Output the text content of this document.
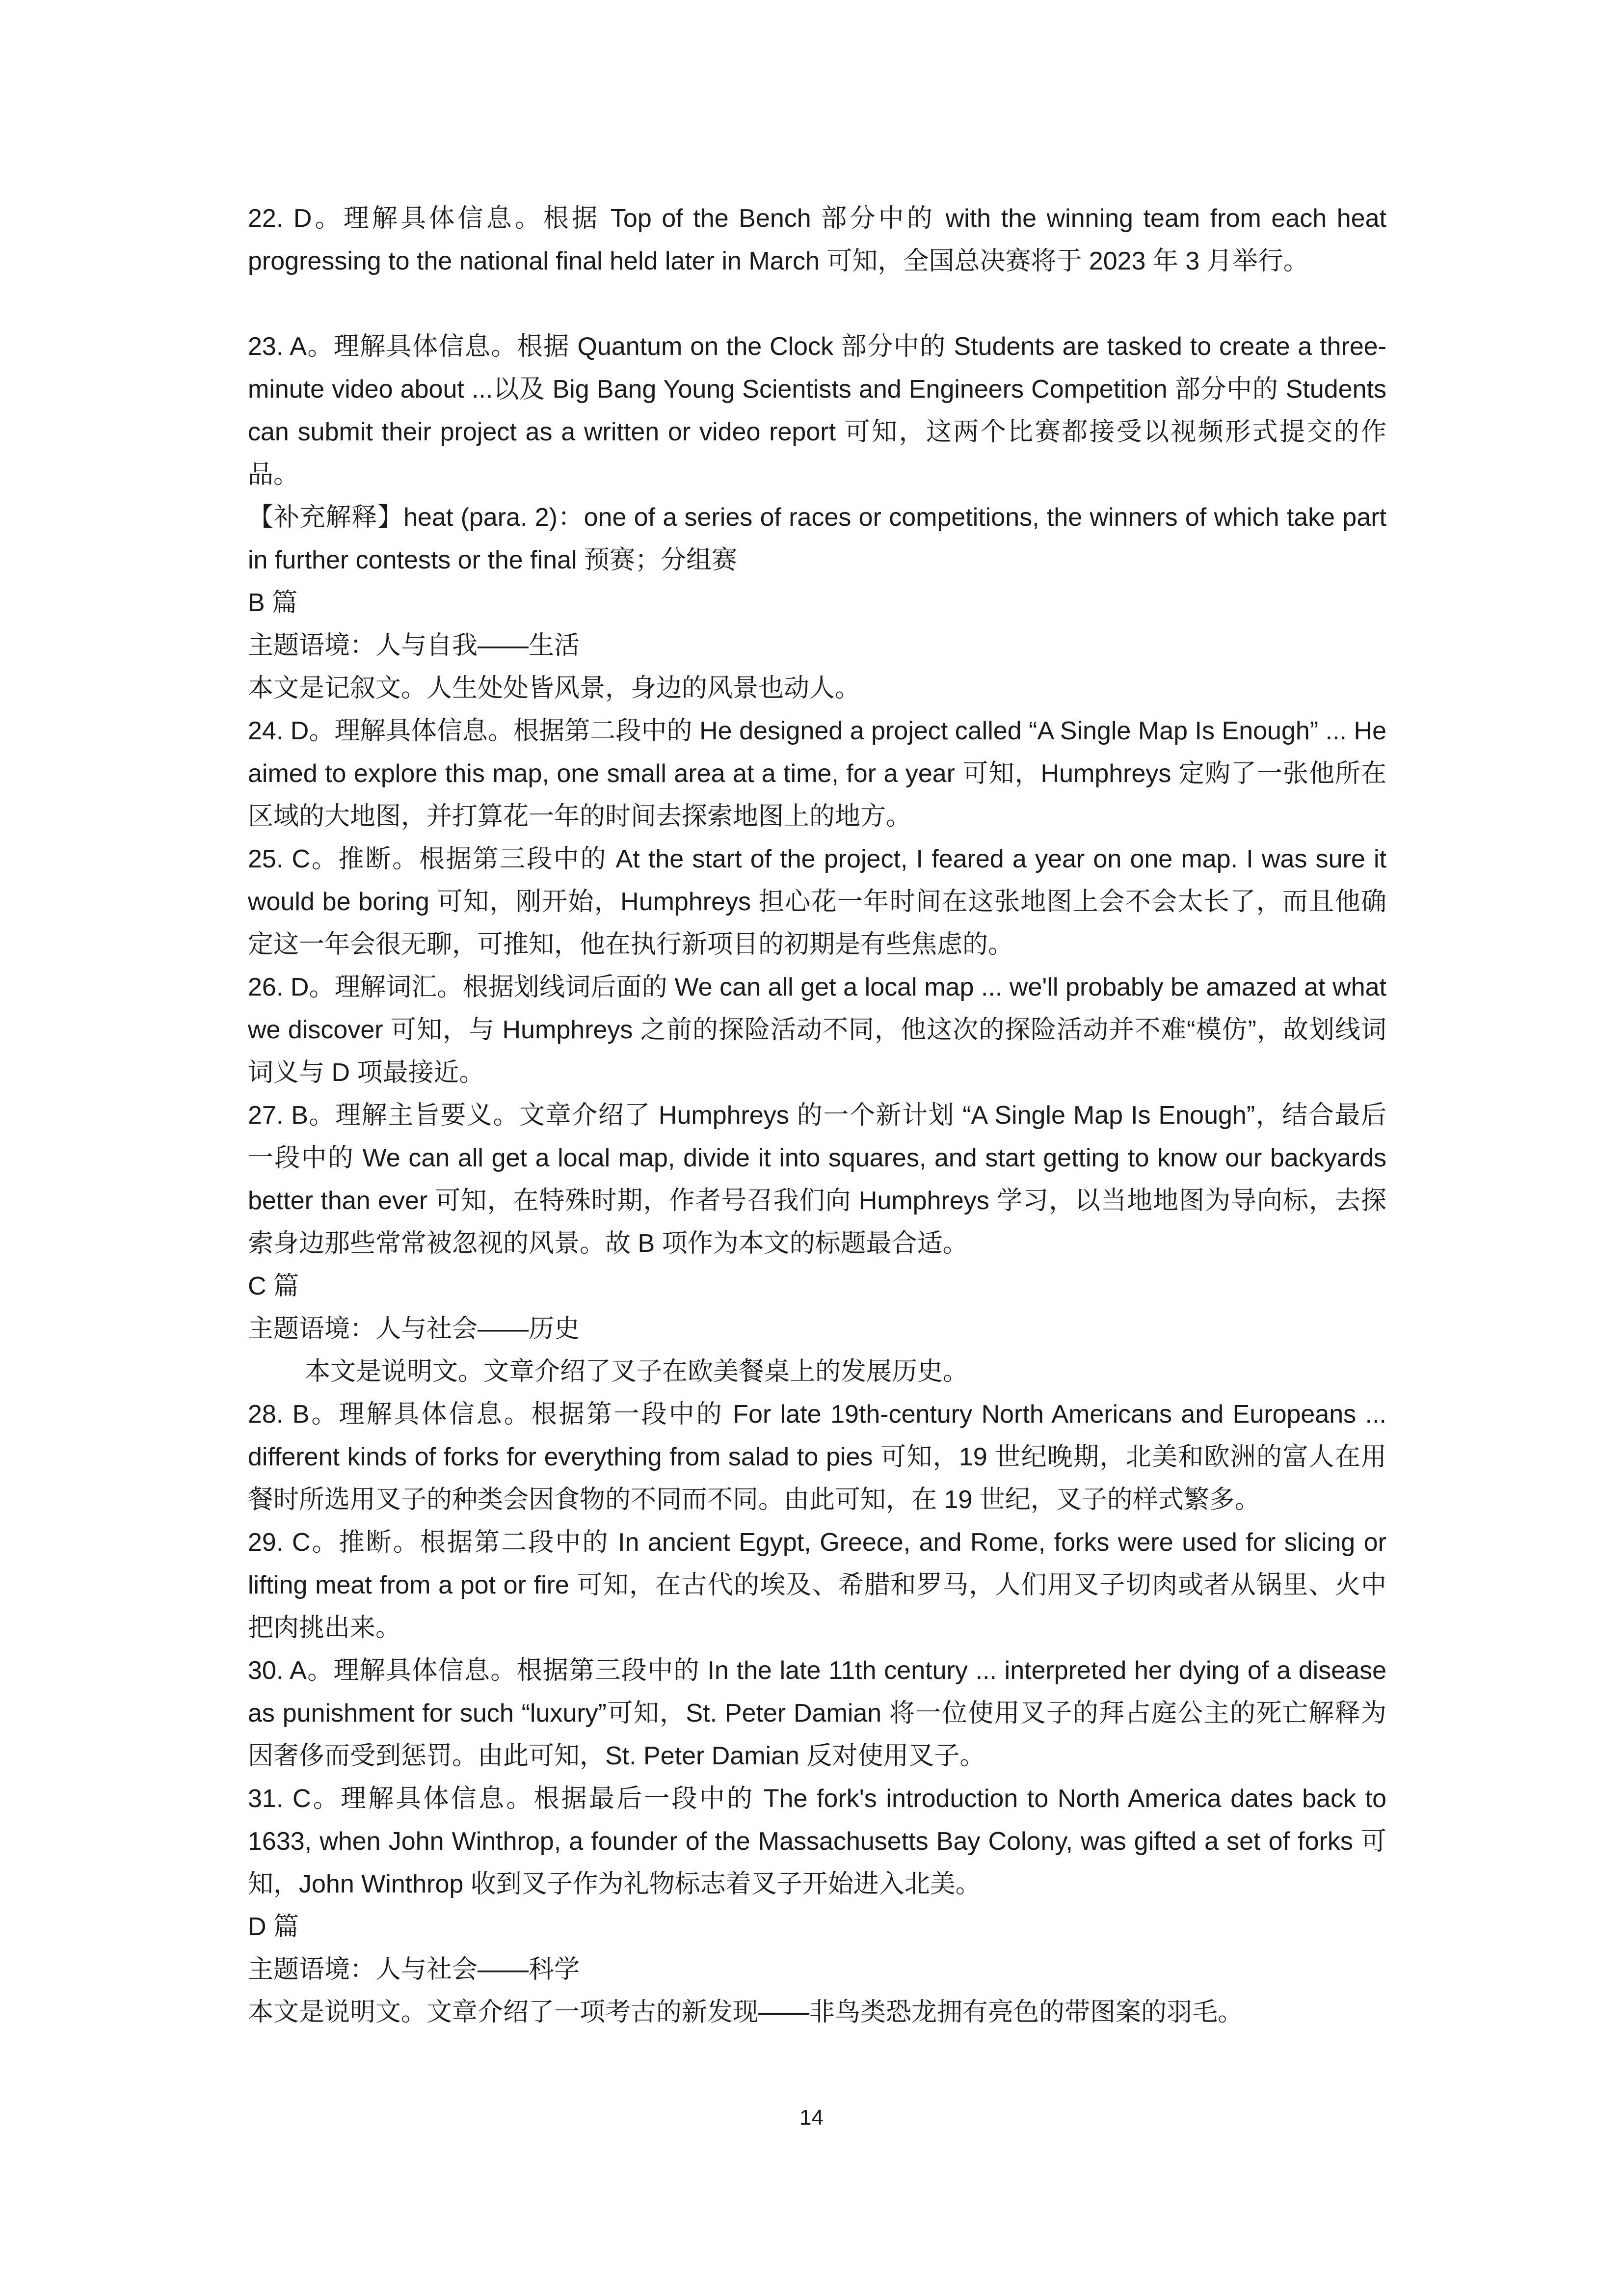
22. D。理解具体信息。根据 Top of the Bench 部分中的 with the winning team from each heat progressing to the national final held later in March 可知，全国总决赛将于 2023 年 3 月举行。

23. A。理解具体信息。根据 Quantum on the Clock 部分中的 Students are tasked to create a three-minute video about ...以及 Big Bang Young Scientists and Engineers Competition 部分中的 Students can submit their project as a written or video report 可知，这两个比赛都接受以视频形式提交的作品。

【补充解释】heat (para. 2)：one of a series of races or competitions, the winners of which take part in further contests or the final 预赛；分组赛

B 篇

主题语境：人与自我——生活

本文是记叙文。人生处处皆风景，身边的风景也动人。

24. D。理解具体信息。根据第二段中的 He designed a project called “A Single Map Is Enough” ... He aimed to explore this map, one small area at a time, for a year 可知，Humphreys 定购了一张他所在区域的大地图，并打算花一年的时间去探索地图上的地方。

25. C。推断。根据第三段中的 At the start of the project, I feared a year on one map. I was sure it would be boring 可知，刚开始，Humphreys 担心花一年时间在这张地图上会不会太长了，而且他确定这一年会很无聊，可推知，他在执行新项目的初期是有些焦虑的。

26. D。理解词汇。根据划线词后面的 We can all get a local map ... we'll probably be amazed at what we discover 可知，与 Humphreys 之前的探险活动不同，他这次的探险活动并不难“模仿”，故划线词词义与 D 项最接近。

27. B。理解主旨要义。文章介绍了 Humphreys 的一个新计划 “A Single Map Is Enough”，结合最后一段中的 We can all get a local map, divide it into squares, and start getting to know our backyards better than ever 可知，在特殊时期，作者号召我们向 Humphreys 学习，以当地地图为导向标，去探索身边那些常常被忽视的风景。故 B 项作为本文的标题最合适。

C 篇

主题语境：人与社会——历史

本文是说明文。文章介绍了叉子在欧美餐桌上的发展历史。

28. B。理解具体信息。根据第一段中的 For late 19th-century North Americans and Europeans ... different kinds of forks for everything from salad to pies 可知，19 世纪晚期，北美和欧洲的富人在用餐时所选用叉子的种类会因食物的不同而不同。由此可知，在 19 世纪，叉子的样式繁多。

29. C。推断。根据第二段中的 In ancient Egypt, Greece, and Rome, forks were used for slicing or lifting meat from a pot or fire 可知，在古代的埃及、希腊和罗马，人们用叉子切肉或者从锅里、火中把肉挑出来。

30. A。理解具体信息。根据第三段中的 In the late 11th century ... interpreted her dying of a disease as punishment for such “luxury”可知，St. Peter Damian 将一位使用叉子的拜占庭公主的死亡解释为因奢侈而受到惩罚。由此可知，St. Peter Damian 反对使用叉子。

31. C。理解具体信息。根据最后一段中的 The fork's introduction to North America dates back to 1633, when John Winthrop, a founder of the Massachusetts Bay Colony, was gifted a set of forks 可知，John Winthrop 收到叉子作为礼物标志着叉子开始进入北美。

D 篇

主题语境：人与社会——科学

本文是说明文。文章介绍了一项考古的新发现——非鸟类恐龙拥有亮色的带图案的羽毛。

14
